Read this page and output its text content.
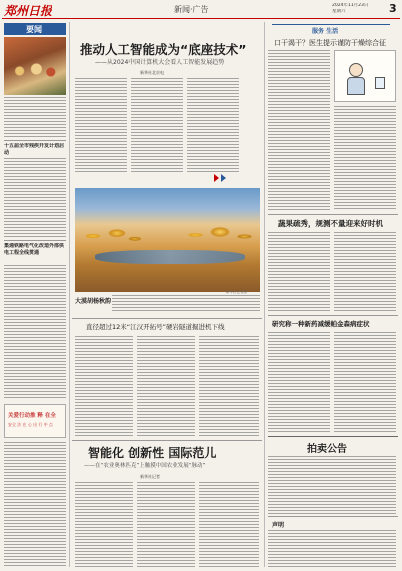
郑州日报	新闻·广告	2024年11月23日
星期六	3
要闻
十五届全市残疾开发计划启动
集通铁路电气化改造外部供电工程全线贯通
关爱行动推 释 在全
安全 法 在 心 出 行 中 点
推动人工智能成为“底座技术”
——从2024中国计算机大会看人工智能发展趋势
新华社北京电
大漠胡杨秋韵
新华社记者摄
直径超过12米“江汉开拓号”硬岩隧道掘进机下线
智能化 创新性 国际范儿
——在“农业奥林匹克”上触摸中国农业发展“脉动”
新华社记者
服务 生活
口干渴干？医生提示谨防干燥综合征
蔬果疏秀，规测不量迎来好时机
研究称一种新药减缓帕金森病症状
拍卖公告
声明
